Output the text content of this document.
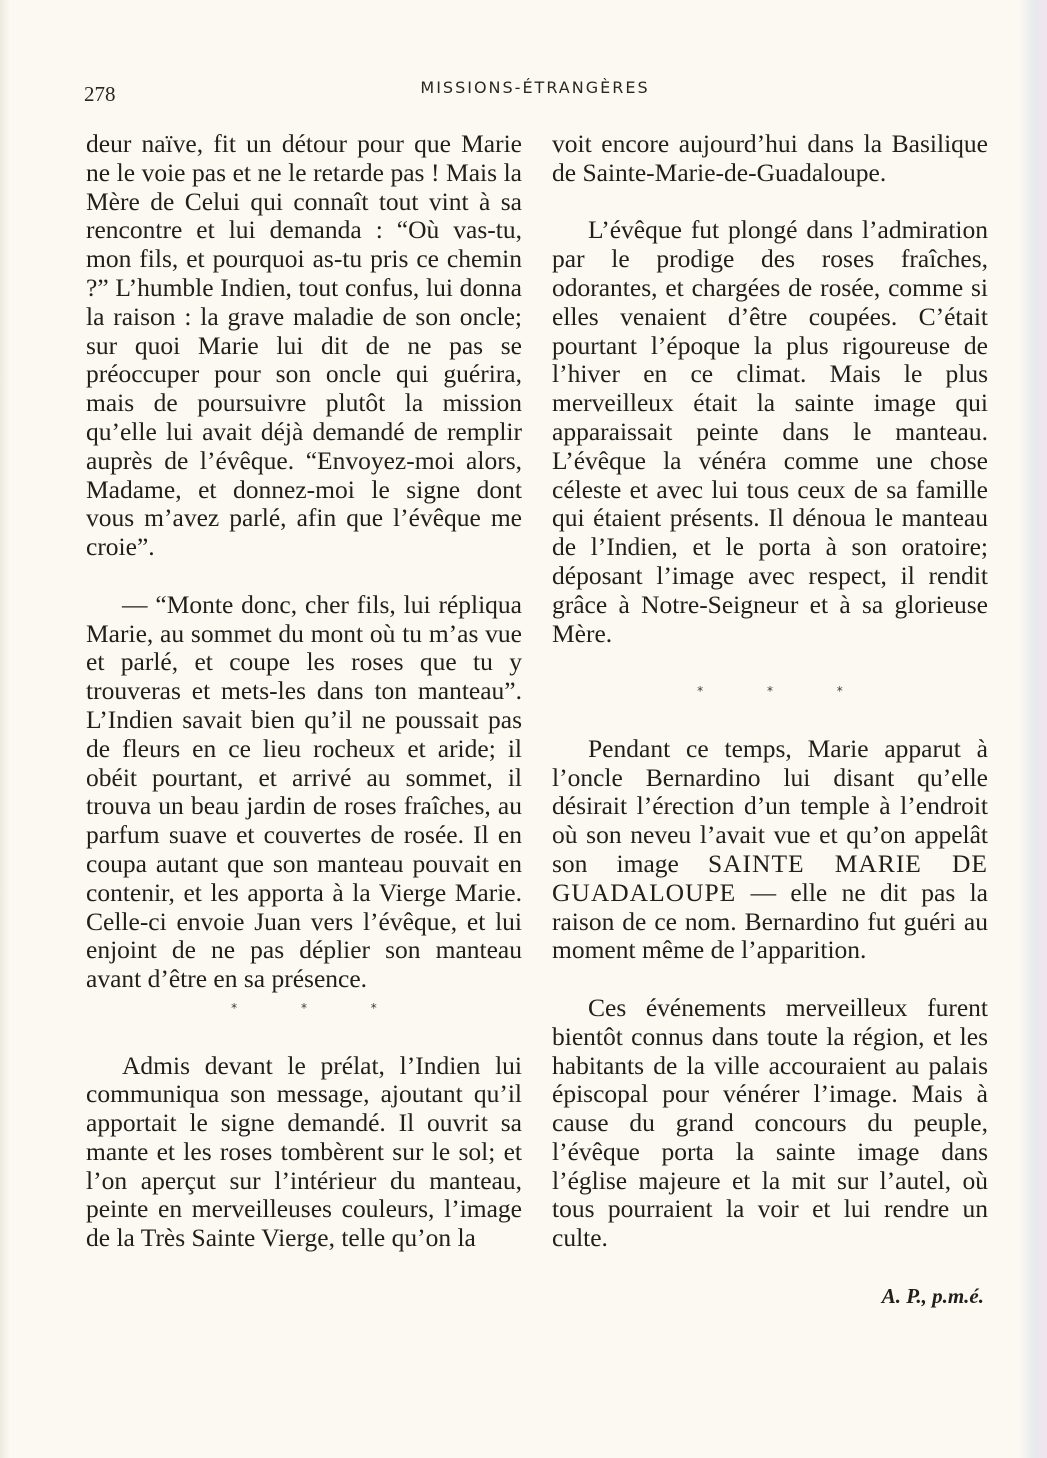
278	MISSIONS-ÉTRANGÈRES

deur naïve, fit un détour pour que Marie ne le voie pas et ne le retarde pas ! Mais la Mère de Celui qui connaît tout vint à sa rencontre et lui demanda : “Où vas-tu, mon fils, et pourquoi as-tu pris ce chemin ?” L’humble Indien, tout confus, lui donna la raison : la grave maladie de son oncle; sur quoi Marie lui dit de ne pas se préoccuper pour son oncle qui guérira, mais de poursuivre plutôt la mission qu’elle lui avait déjà demandé de remplir auprès de l’évêque. “Envoyez-moi alors, Madame, et donnez-moi le signe dont vous m’avez parlé, afin que l’évêque me croie”.

— “Monte donc, cher fils, lui répliqua Marie, au sommet du mont où tu m’as vue et parlé, et coupe les roses que tu y trouveras et mets-les dans ton manteau”. L’Indien savait bien qu’il ne poussait pas de fleurs en ce lieu rocheux et aride; il obéit pourtant, et arrivé au sommet, il trouva un beau jardin de roses fraîches, au parfum suave et couvertes de rosée. Il en coupa autant que son manteau pouvait en contenir, et les apporta à la Vierge Marie. Celle-ci envoie Juan vers l’évêque, et lui enjoint de ne pas déplier son manteau avant d’être en sa présence.

* * *

Admis devant le prélat, l’Indien lui communiqua son message, ajoutant qu’il apportait le signe demandé. Il ouvrit sa mante et les roses tombèrent sur le sol; et l’on aperçut sur l’intérieur du manteau, peinte en merveilleuses couleurs, l’image de la Très Sainte Vierge, telle qu’on la

voit encore aujourd’hui dans la Basilique de Sainte-Marie-de-Guadaloupe.

L’évêque fut plongé dans l’admiration par le prodige des roses fraîches, odorantes, et chargées de rosée, comme si elles venaient d’être coupées. C’était pourtant l’époque la plus rigoureuse de l’hiver en ce climat. Mais le plus merveilleux était la sainte image qui apparaissait peinte dans le manteau. L’évêque la vénéra comme une chose céleste et avec lui tous ceux de sa famille qui étaient présents. Il dénoua le manteau de l’Indien, et le porta à son oratoire; déposant l’image avec respect, il rendit grâce à Notre-Seigneur et à sa glorieuse Mère.

* * *

Pendant ce temps, Marie apparut à l’oncle Bernardino lui disant qu’elle désirait l’érection d’un temple à l’endroit où son neveu l’avait vue et qu’on appelât son image SAINTE MARIE DE GUADALOUPE — elle ne dit pas la raison de ce nom. Bernardino fut guéri au moment même de l’apparition.

Ces événements merveilleux furent bientôt connus dans toute la région, et les habitants de la ville accouraient au palais épiscopal pour vénérer l’image. Mais à cause du grand concours du peuple, l’évêque porta la sainte image dans l’église majeure et la mit sur l’autel, où tous pourraient la voir et lui rendre un culte.

A. P., p.m.é.
